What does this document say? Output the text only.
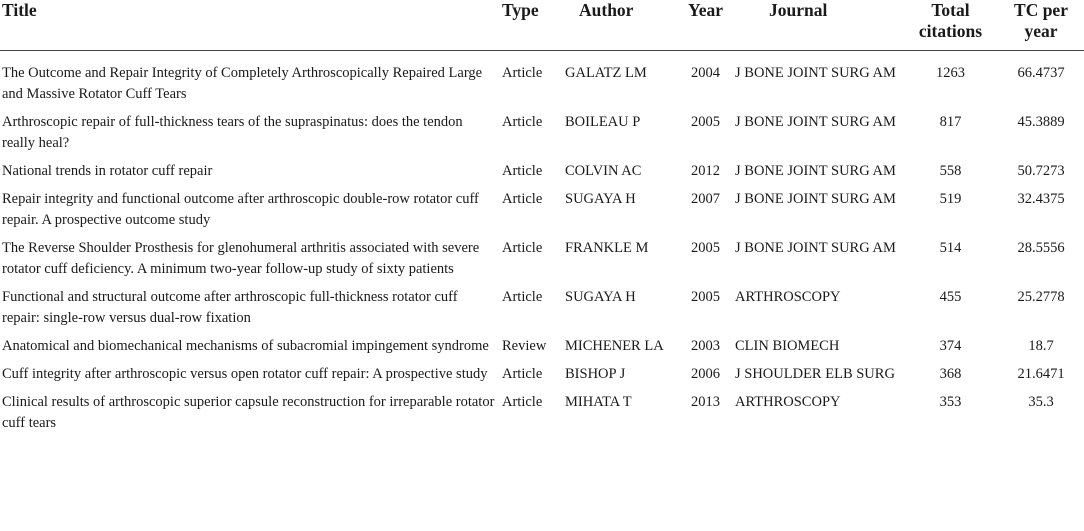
Title	Type	Author	Year	Journal	Total citations	TC per year
The Outcome and Repair Integrity of Completely Arthroscopically Repaired Large and Massive Rotator Cuff Tears	Article	GALATZ LM	2004	J BONE JOINT SURG AM	1263	66.4737
Arthroscopic repair of full-thickness tears of the supraspinatus: does the tendon really heal?	Article	BOILEAU P	2005	J BONE JOINT SURG AM	817	45.3889
National trends in rotator cuff repair	Article	COLVIN AC	2012	J BONE JOINT SURG AM	558	50.7273
Repair integrity and functional outcome after arthroscopic double-row rotator cuff repair. A prospective outcome study	Article	SUGAYA H	2007	J BONE JOINT SURG AM	519	32.4375
The Reverse Shoulder Prosthesis for glenohumeral arthritis associated with severe rotator cuff deficiency. A minimum two-year follow-up study of sixty patients	Article	FRANKLE M	2005	J BONE JOINT SURG AM	514	28.5556
Functional and structural outcome after arthroscopic full-thickness rotator cuff repair: single-row versus dual-row fixation	Article	SUGAYA H	2005	ARTHROSCOPY	455	25.2778
Anatomical and biomechanical mechanisms of subacromial impingement syndrome	Review	MICHENER LA	2003	CLIN BIOMECH	374	18.7
Cuff integrity after arthroscopic versus open rotator cuff repair: A prospective study	Article	BISHOP J	2006	J SHOULDER ELB SURG	368	21.6471
Clinical results of arthroscopic superior capsule reconstruction for irreparable rotator cuff tears	Article	MIHATA T	2013	ARTHROSCOPY	353	35.3
